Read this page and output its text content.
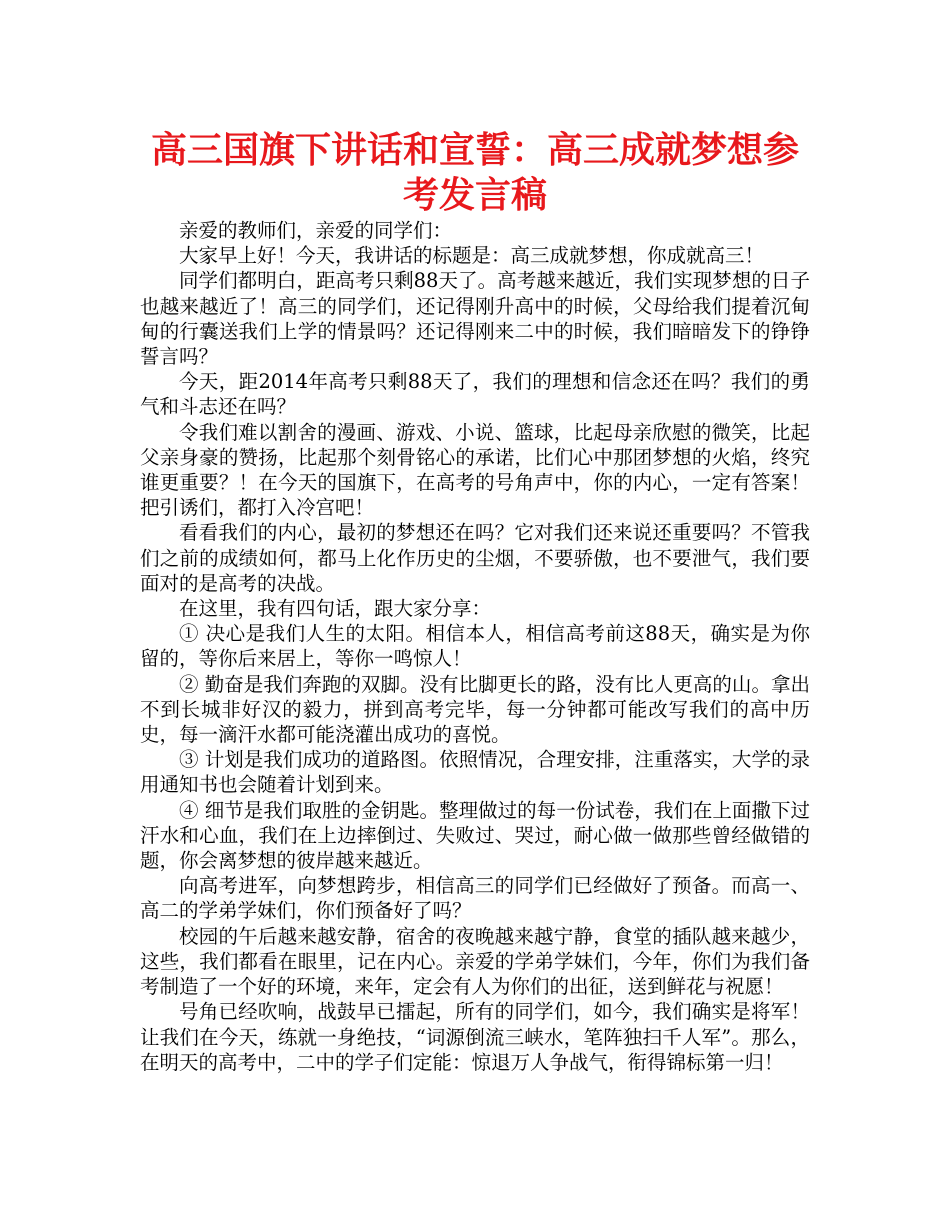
高三国旗下讲话和宣誓：高三成就梦想参考发言稿

亲爱的教师们，亲爱的同学们：

大家早上好！今天，我讲话的标题是：高三成就梦想，你成就高三！

同学们都明白，距高考只剩88天了。高考越来越近，我们实现梦想的日子也越来越近了！高三的同学们，还记得刚升高中的时候，父母给我们提着沉甸甸的行囊送我们上学的情景吗？还记得刚来二中的时候，我们暗暗发下的铮铮誓言吗？

今天，距2014年高考只剩88天了，我们的理想和信念还在吗？我们的勇气和斗志还在吗？

令我们难以割舍的漫画、游戏、小说、篮球，比起母亲欣慰的微笑，比起父亲身豪的赞扬，比起那个刻骨铭心的承诺，比们心中那团梦想的火焰，终究谁更重要？！在今天的国旗下，在高考的号角声中，你的内心，一定有答案！把引诱们，都打入冷宫吧！

看看我们的内心，最初的梦想还在吗？它对我们还来说还重要吗？不管我们之前的成绩如何，都马上化作历史的尘烟，不要骄傲，也不要泄气，我们要面对的是高考的决战。

在这里，我有四句话，跟大家分享：

① 决心是我们人生的太阳。相信本人，相信高考前这88天，确实是为你留的，等你后来居上，等你一鸣惊人！

② 勤奋是我们奔跑的双脚。没有比脚更长的路，没有比人更高的山。拿出不到长城非好汉的毅力，拼到高考完毕，每一分钟都可能改写我们的高中历史，每一滴汗水都可能浇灌出成功的喜悦。

③ 计划是我们成功的道路图。依照情况，合理安排，注重落实，大学的录用通知书也会随着计划到来。

④ 细节是我们取胜的金钥匙。整理做过的每一份试卷，我们在上面撒下过汗水和心血，我们在上边摔倒过、失败过、哭过，耐心做一做那些曾经做错的题，你会离梦想的彼岸越来越近。

向高考进军，向梦想跨步，相信高三的同学们已经做好了预备。而高一、高二的学弟学妹们，你们预备好了吗？

校园的午后越来越安静，宿舍的夜晚越来越宁静，食堂的插队越来越少，这些，我们都看在眼里，记在内心。亲爱的学弟学妹们，今年，你们为我们备考制造了一个好的环境，来年，定会有人为你们的出征，送到鲜花与祝愿！

号角已经吹响，战鼓早已擂起，所有的同学们，如今，我们确实是将军！让我们在今天，练就一身绝技，“词源倒流三峡水，笔阵独扫千人军”。那么，在明天的高考中，二中的学子们定能：惊退万人争战气，衔得锦标第一归！
